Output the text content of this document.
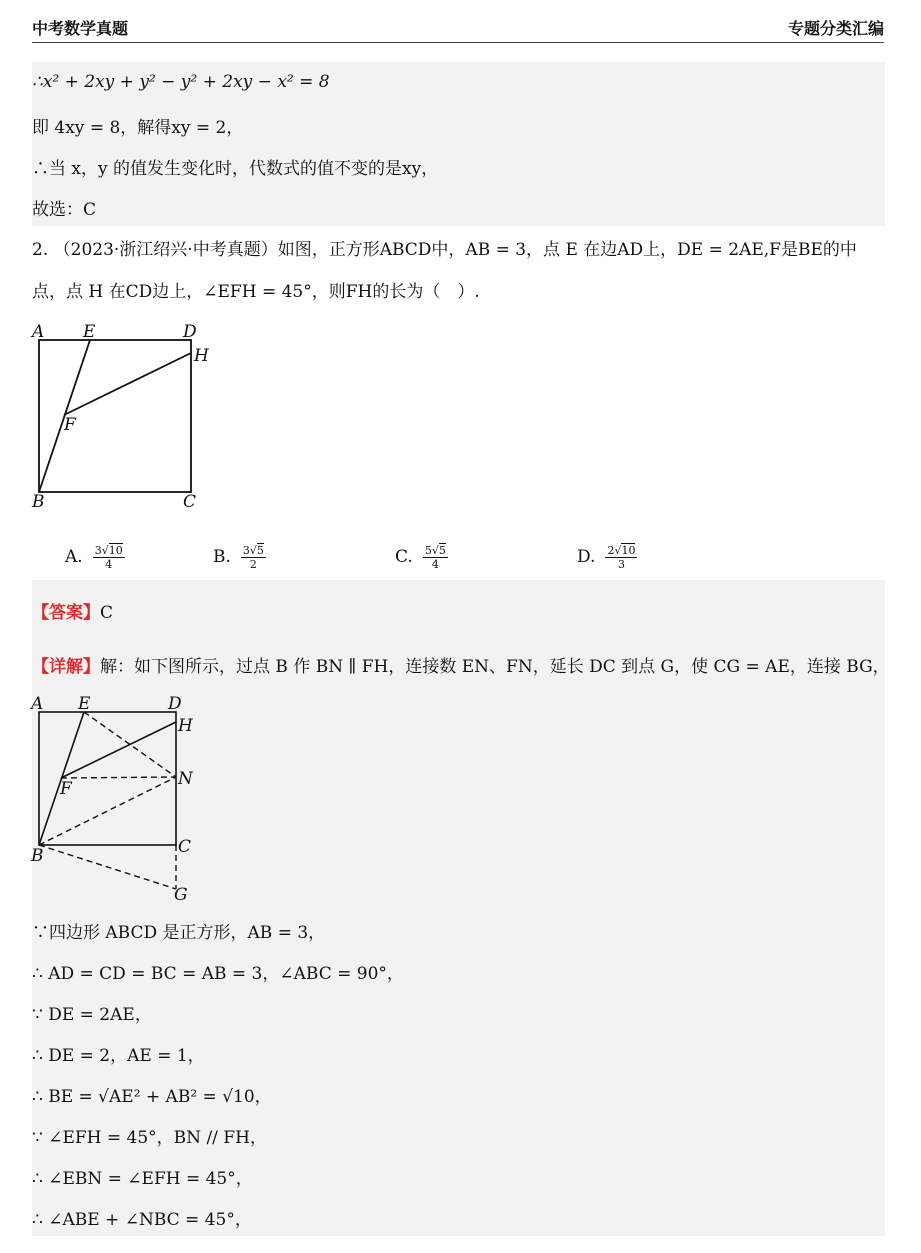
中考数学真题	专题分类汇编
∴x² + 2xy + y² − y² + 2xy − x² = 8
即 4xy = 8，解得xy = 2，
∴当 x，y 的值发生变化时，代数式的值不变的是xy，
故选：C
2. （2023·浙江绍兴·中考真题）如图，正方形ABCD中，AB = 3，点 E 在边AD上，DE = 2AE,F是BE的中
点，点 H 在CD边上，∠EFH = 45°，则FH的长为（　）.
A E	D
H
F
B	C
A. $\frac{3√10}{4}$	B. $\frac{3√5}{2}$	C. $\frac{5√5}{4}$	D. $\frac{2√10}{3}$
【答案】C
【详解】解：如下图所示，过点 B 作 BN ∥ FH，连接数 EN、FN，延长 DC 到点 G，使 CG = AE，连接 BG，
A E	D
H
F	N
B	C
G
∵四边形 ABCD 是正方形，AB = 3，
∴ AD = CD = BC = AB = 3，∠ABC = 90°，
∵ DE = 2AE，
∴ DE = 2，AE = 1，
∴ BE = √AE² + AB² = √10，
∵ ∠EFH = 45°，BN // FH，
∴ ∠EBN = ∠EFH = 45°，
∴ ∠ABE + ∠NBC = 45°，
